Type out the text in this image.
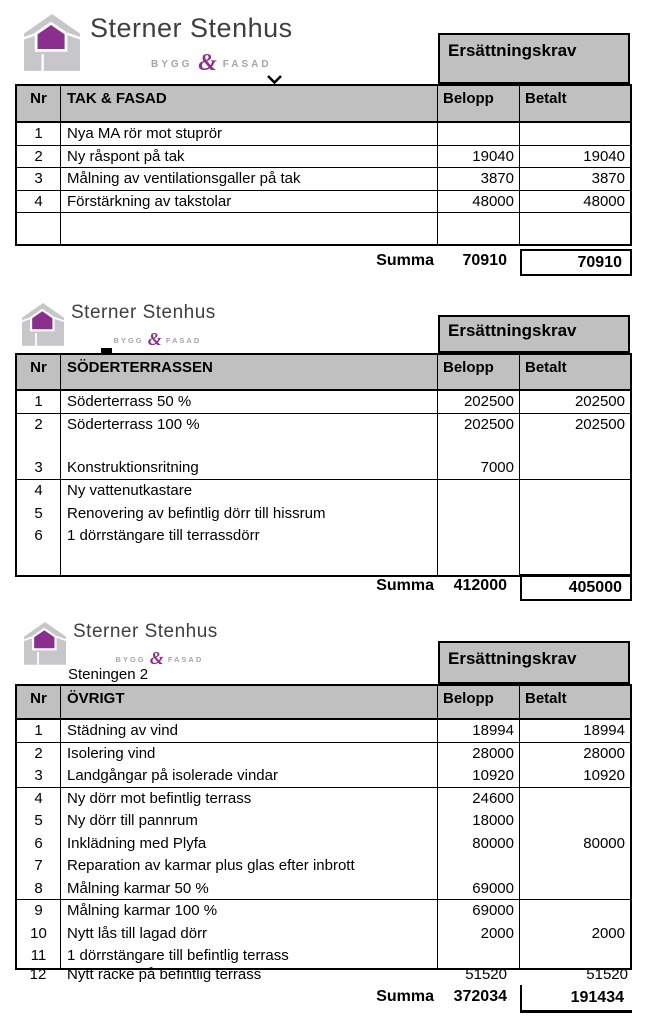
Sterner Stenhus
BYGG & FASAD
Ersättningskrav
Nr	TAK & FASAD	Belopp	Betalt
1	Nya MA rör mot stuprör
2	Ny råspont på tak	19040	19040
3	Målning av ventilationsgaller på tak	3870	3870
4	Förstärkning av takstolar	48000	48000
Summa	70910	70910
Sterner Stenhus
BYGG & FASAD
Ersättningskrav
Nr	SÖDERTERRASSEN	Belopp	Betalt
1	Söderterrass 50 %	202500	202500
2	Söderterrass 100 %	202500	202500
3	Konstruktionsritning	7000
4	Ny vattenutkastare
5	Renovering av befintlig dörr till hissrum
6	1 dörrstängare till terrassdörr
Summa	412000	405000
Sterner Stenhus
BYGG & FASAD
Steningen 2
Ersättningskrav
Nr	ÖVRIGT	Belopp	Betalt
1	Städning av vind	18994	18994
2	Isolering vind	28000	28000
3	Landgångar på isolerade vindar	10920	10920
4	Ny dörr mot befintlig terrass	24600
5	Ny dörr till pannrum	18000
6	Inklädning med Plyfa	80000	80000
7	Reparation av karmar plus glas efter inbrott
8	Målning karmar 50 %	69000
9	Målning karmar 100 %	69000
10	Nytt lås till lagad dörr	2000	2000
11	1 dörrstängare till befintlig terrass
12	Nytt räcke på befintlig terrass	51520	51520
Summa	372034	191434
